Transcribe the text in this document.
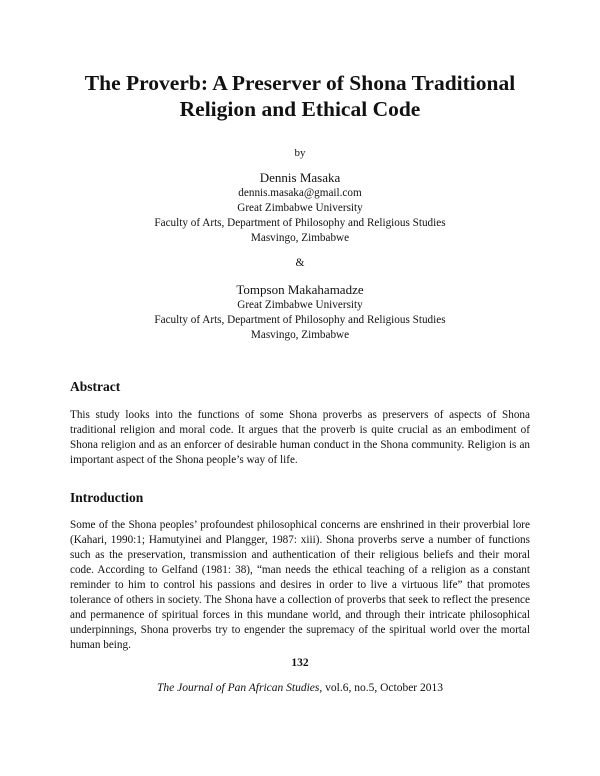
The Proverb: A Preserver of Shona Traditional
Religion and Ethical Code
by
Dennis Masaka
dennis.masaka@gmail.com
Great Zimbabwe University
Faculty of Arts, Department of Philosophy and Religious Studies
Masvingo, Zimbabwe
&
Tompson Makahamadze
Great Zimbabwe University
Faculty of Arts, Department of Philosophy and Religious Studies
Masvingo, Zimbabwe
Abstract

This study looks into the functions of some Shona proverbs as preservers of aspects of Shona traditional religion and moral code. It argues that the proverb is quite crucial as an embodiment of Shona religion and as an enforcer of desirable human conduct in the Shona community. Religion is an important aspect of the Shona people’s way of life.

Introduction

Some of the Shona peoples’ profoundest philosophical concerns are enshrined in their proverbial lore (Kahari, 1990:1; Hamutyinei and Plangger, 1987: xiii). Shona proverbs serve a number of functions such as the preservation, transmission and authentication of their religious beliefs and their moral code. According to Gelfand (1981: 38), “man needs the ethical teaching of a religion as a constant reminder to him to control his passions and desires in order to live a virtuous life” that promotes tolerance of others in society. The Shona have a collection of proverbs that seek to reflect the presence and permanence of spiritual forces in this mundane world, and through their intricate philosophical underpinnings, Shona proverbs try to engender the supremacy of the spiritual world over the mortal human being.

132
The Journal of Pan African Studies, vol.6, no.5, October 2013
